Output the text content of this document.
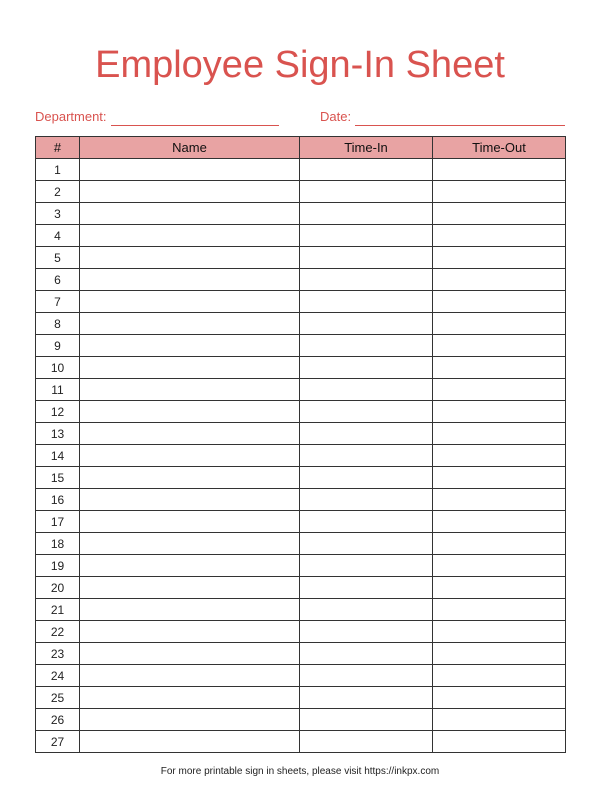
Employee Sign-In Sheet
Department:	Date:
#	Name	Time-In	Time-Out
1			
2			
3			
4			
5			
6			
7			
8			
9			
10			
11			
12			
13			
14			
15			
16			
17			
18			
19			
20			
21			
22			
23			
24			
25			
26			
27			
For more printable sign in sheets, please visit https://inkpx.com
